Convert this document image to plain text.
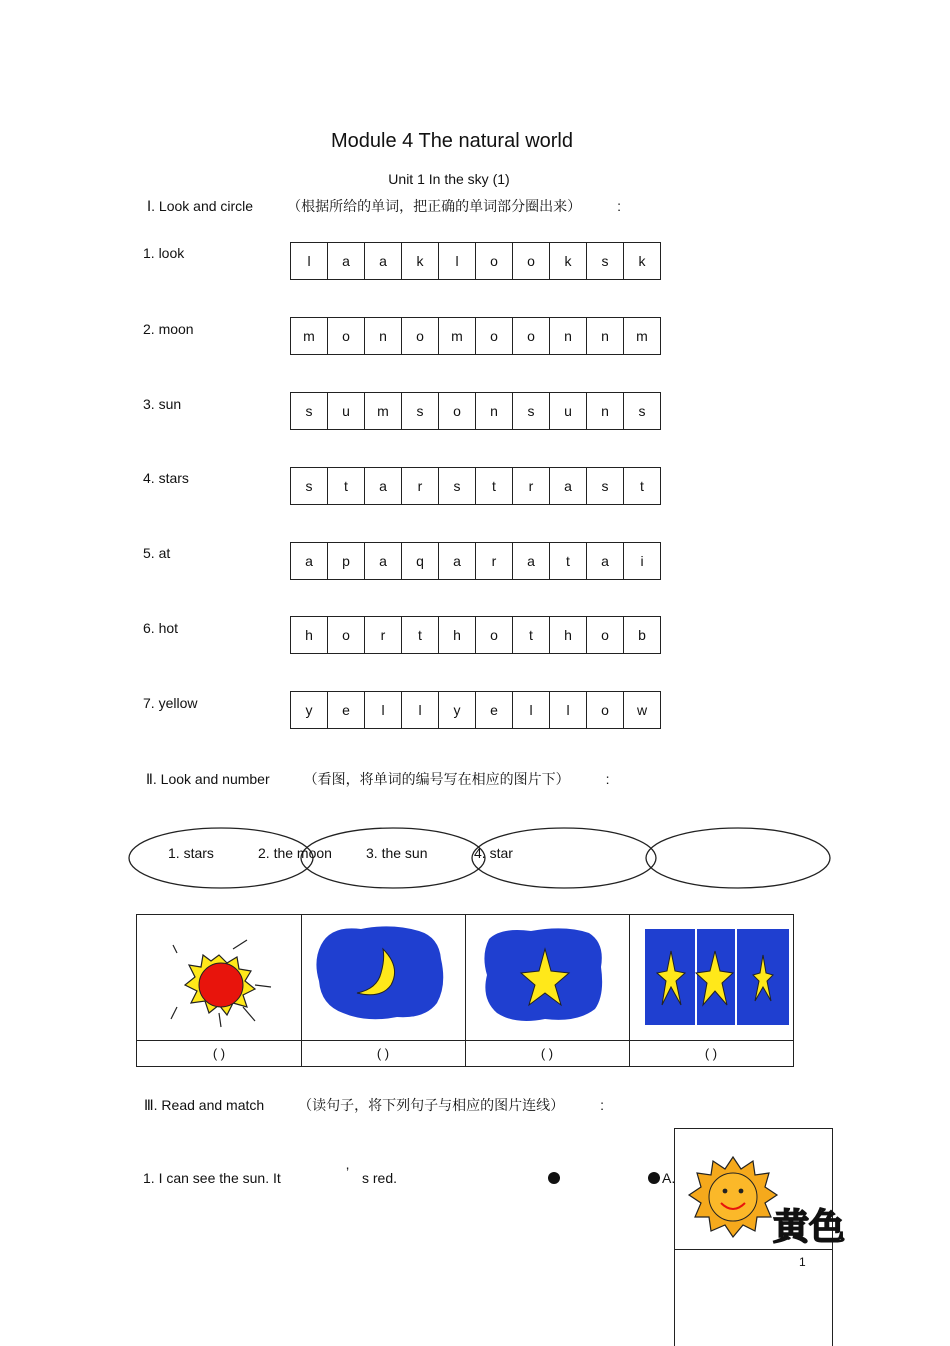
Module 4 The natural world
Unit 1 In the sky (1)
Ⅰ. Look and circle （根据所给的单词，把正确的单词部分圈出来）	:
1. look	l	a	a	k	l	o	o	k	s	k
2. moon	m	o	n	o	m	o	o	n	n	m
3. sun	s	u	m	s	o	n	s	u	n	s
4. stars	s	t	a	r	s	t	r	a	s	t
5. at	a	p	a	q	a	r	a	t	a	i
6. hot	h	o	r	t	h	o	t	h	o	b
7. yellow	y	e	l	l	y	e	l	l	o	w
Ⅱ. Look and number （看图，将单词的编号写在相应的图片下）	:
1. stars	2. the moon 3. the sun	4. star
( )	( )	( )	( )
Ⅲ. Read and match （读句子，将下列句子与相应的图片连线）	:
1. I can see the sun. It	’ s red.	A.
黄色
1
